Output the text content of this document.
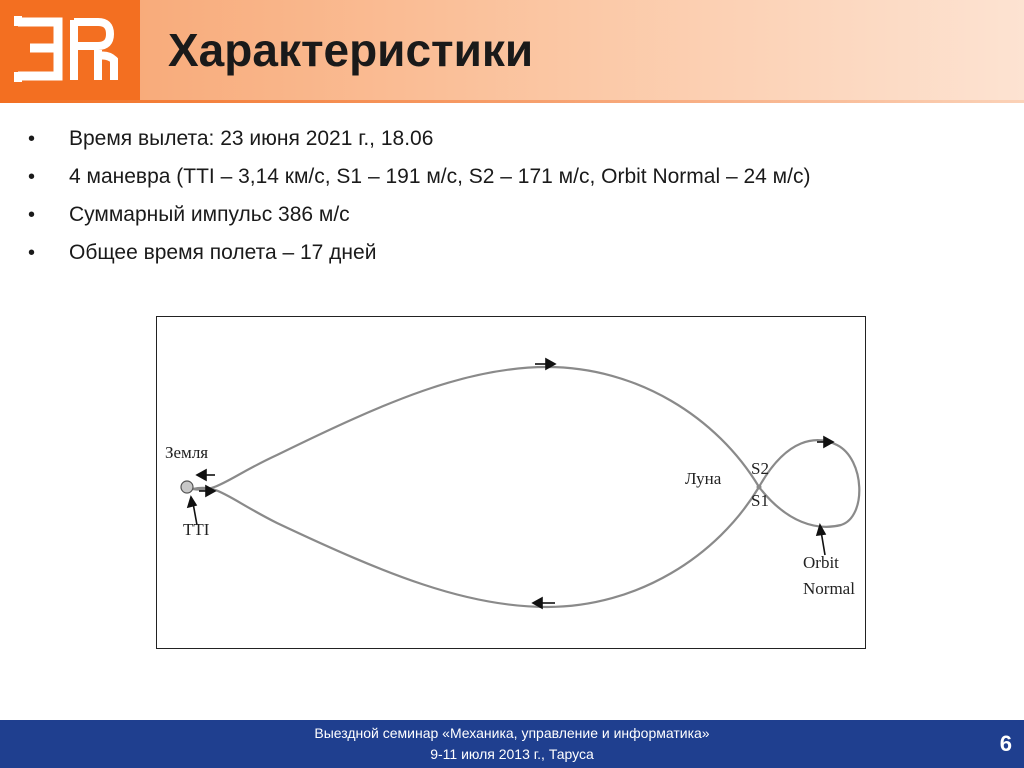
Характеристики
• Время вылета: 23 июня 2021 г., 18.06
• 4 маневра (TTI – 3,14 км/с, S1 – 191 м/с, S2 – 171 м/с, Orbit Normal – 24 м/с)
• Суммарный импульс 386 м/с
• Общее время полета – 17 дней
Земля
TTI
Луна
S2
S1
Orbit
Normal
Выездной семинар «Механика, управление и информатика»
9-11 июля 2013 г., Таруса	6
